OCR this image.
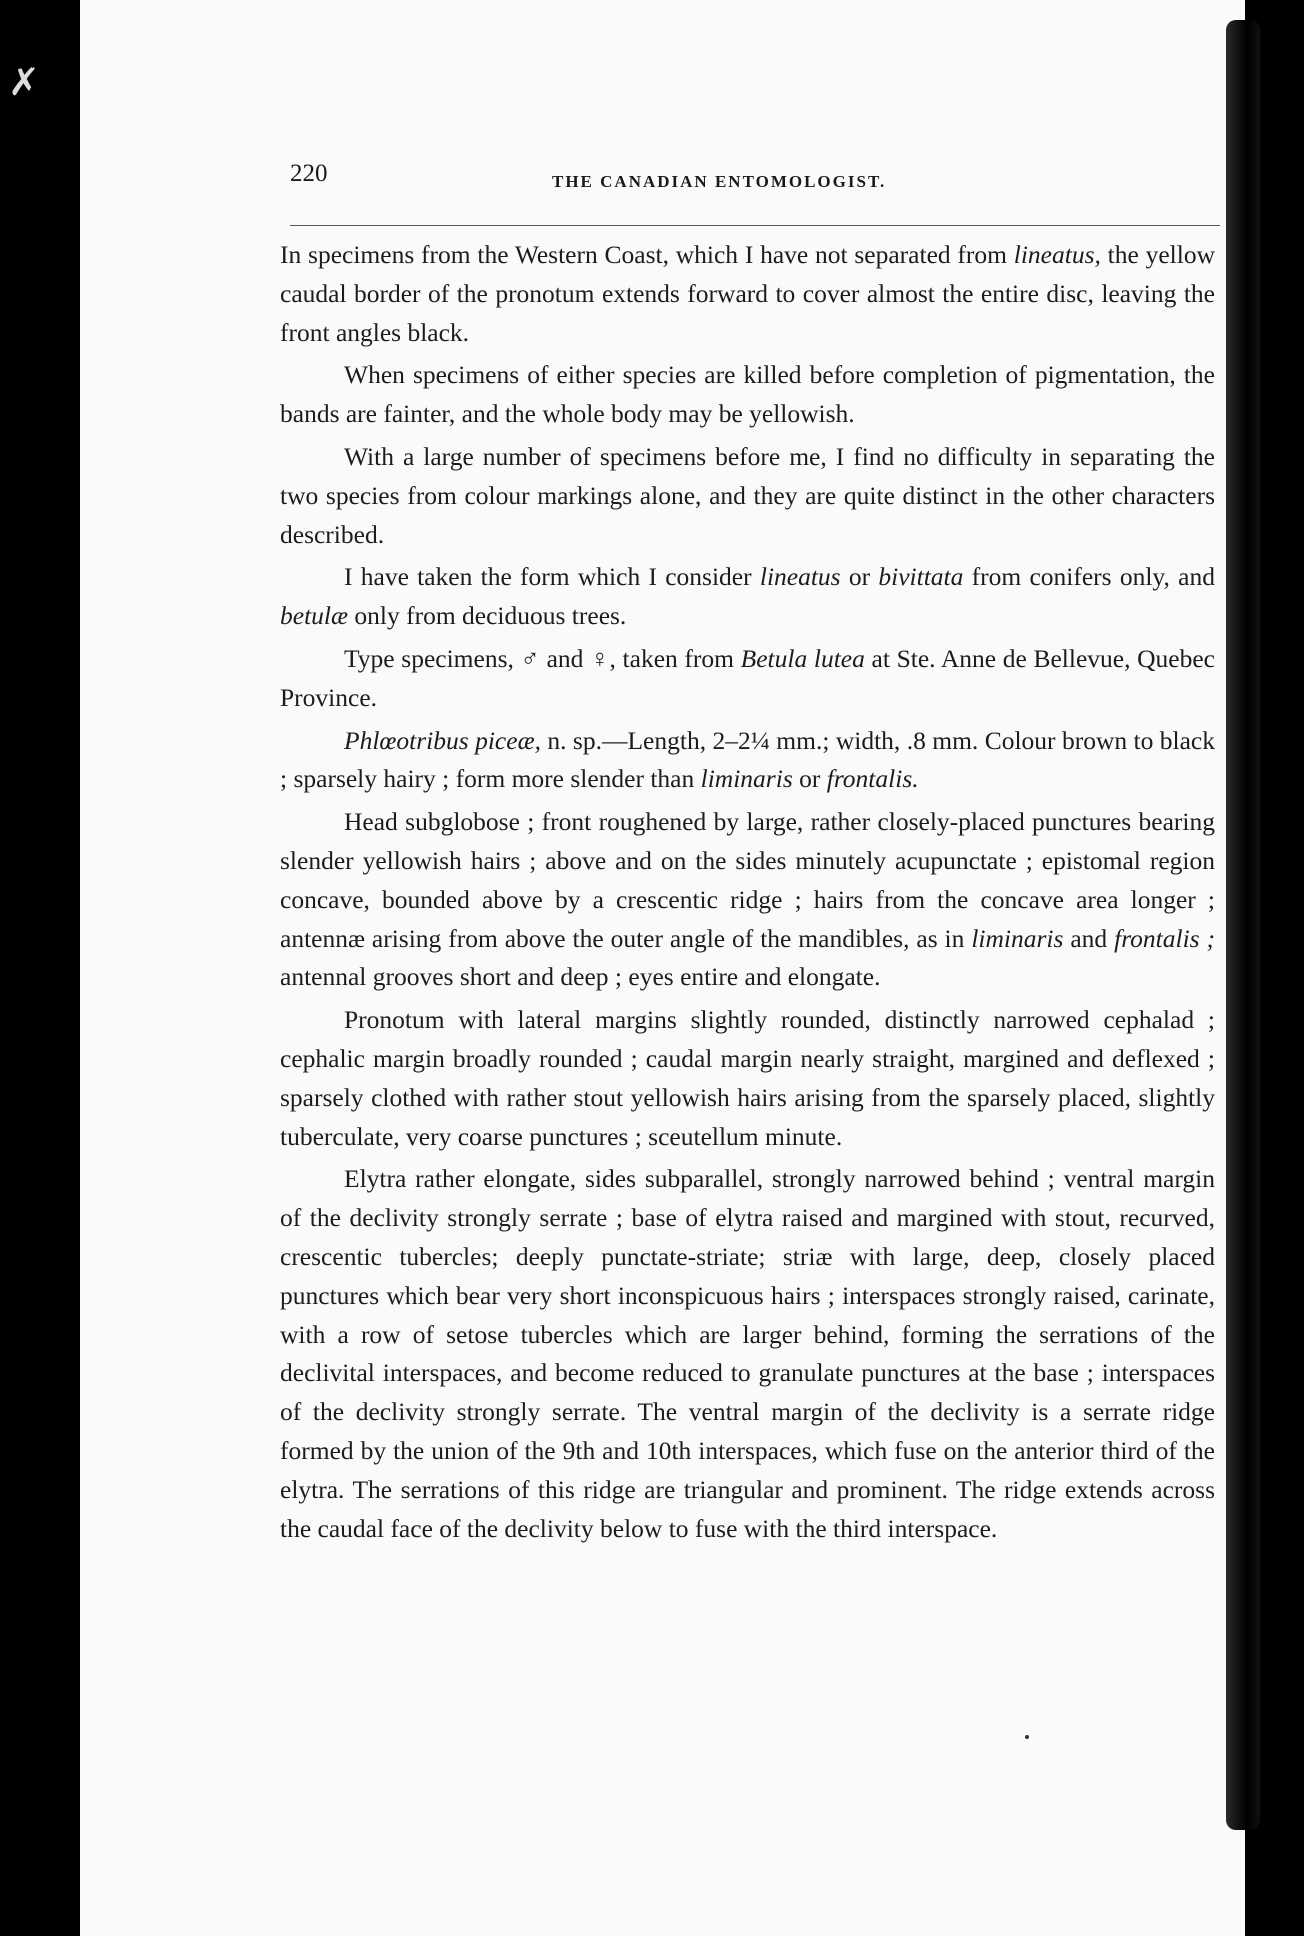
✗
220	THE CANADIAN ENTOMOLOGIST.

In specimens from the Western Coast, which I have not separated from lineatus, the yellow caudal border of the pronotum extends forward to cover almost the entire disc, leaving the front angles black.

When specimens of either species are killed before completion of pigmentation, the bands are fainter, and the whole body may be yellowish.

With a large number of specimens before me, I find no difficulty in separating the two species from colour markings alone, and they are quite distinct in the other characters described.

I have taken the form which I consider lineatus or bivittata from conifers only, and betulæ only from deciduous trees.

Type specimens, ♂ and ♀, taken from Betula lutea at Ste. Anne de Bellevue, Quebec Province.

Phlœotribus piceæ, n. sp.—Length, 2–2¼ mm.; width, .8 mm. Colour brown to black ; sparsely hairy ; form more slender than liminaris or frontalis.

Head subglobose ; front roughened by large, rather closely-placed punctures bearing slender yellowish hairs ; above and on the sides minutely acupunctate ; epistomal region concave, bounded above by a crescentic ridge ; hairs from the concave area longer ; antennæ arising from above the outer angle of the mandibles, as in liminaris and frontalis ; antennal grooves short and deep ; eyes entire and elongate.

Pronotum with lateral margins slightly rounded, distinctly narrowed cephalad ; cephalic margin broadly rounded ; caudal margin nearly straight, margined and deflexed ; sparsely clothed with rather stout yellowish hairs arising from the sparsely placed, slightly tuberculate, very coarse punctures ; sceutellum minute.

Elytra rather elongate, sides subparallel, strongly narrowed behind ; ventral margin of the declivity strongly serrate ; base of elytra raised and margined with stout, recurved, crescentic tubercles; deeply punctate-striate; striæ with large, deep, closely placed punctures which bear very short inconspicuous hairs ; interspaces strongly raised, carinate, with a row of setose tubercles which are larger behind, forming the serrations of the declivital interspaces, and become reduced to granulate punctures at the base ; interspaces of the declivity strongly serrate. The ventral margin of the declivity is a serrate ridge formed by the union of the 9th and 10th interspaces, which fuse on the anterior third of the elytra. The serrations of this ridge are triangular and prominent. The ridge extends across the caudal face of the declivity below to fuse with the third interspace.
